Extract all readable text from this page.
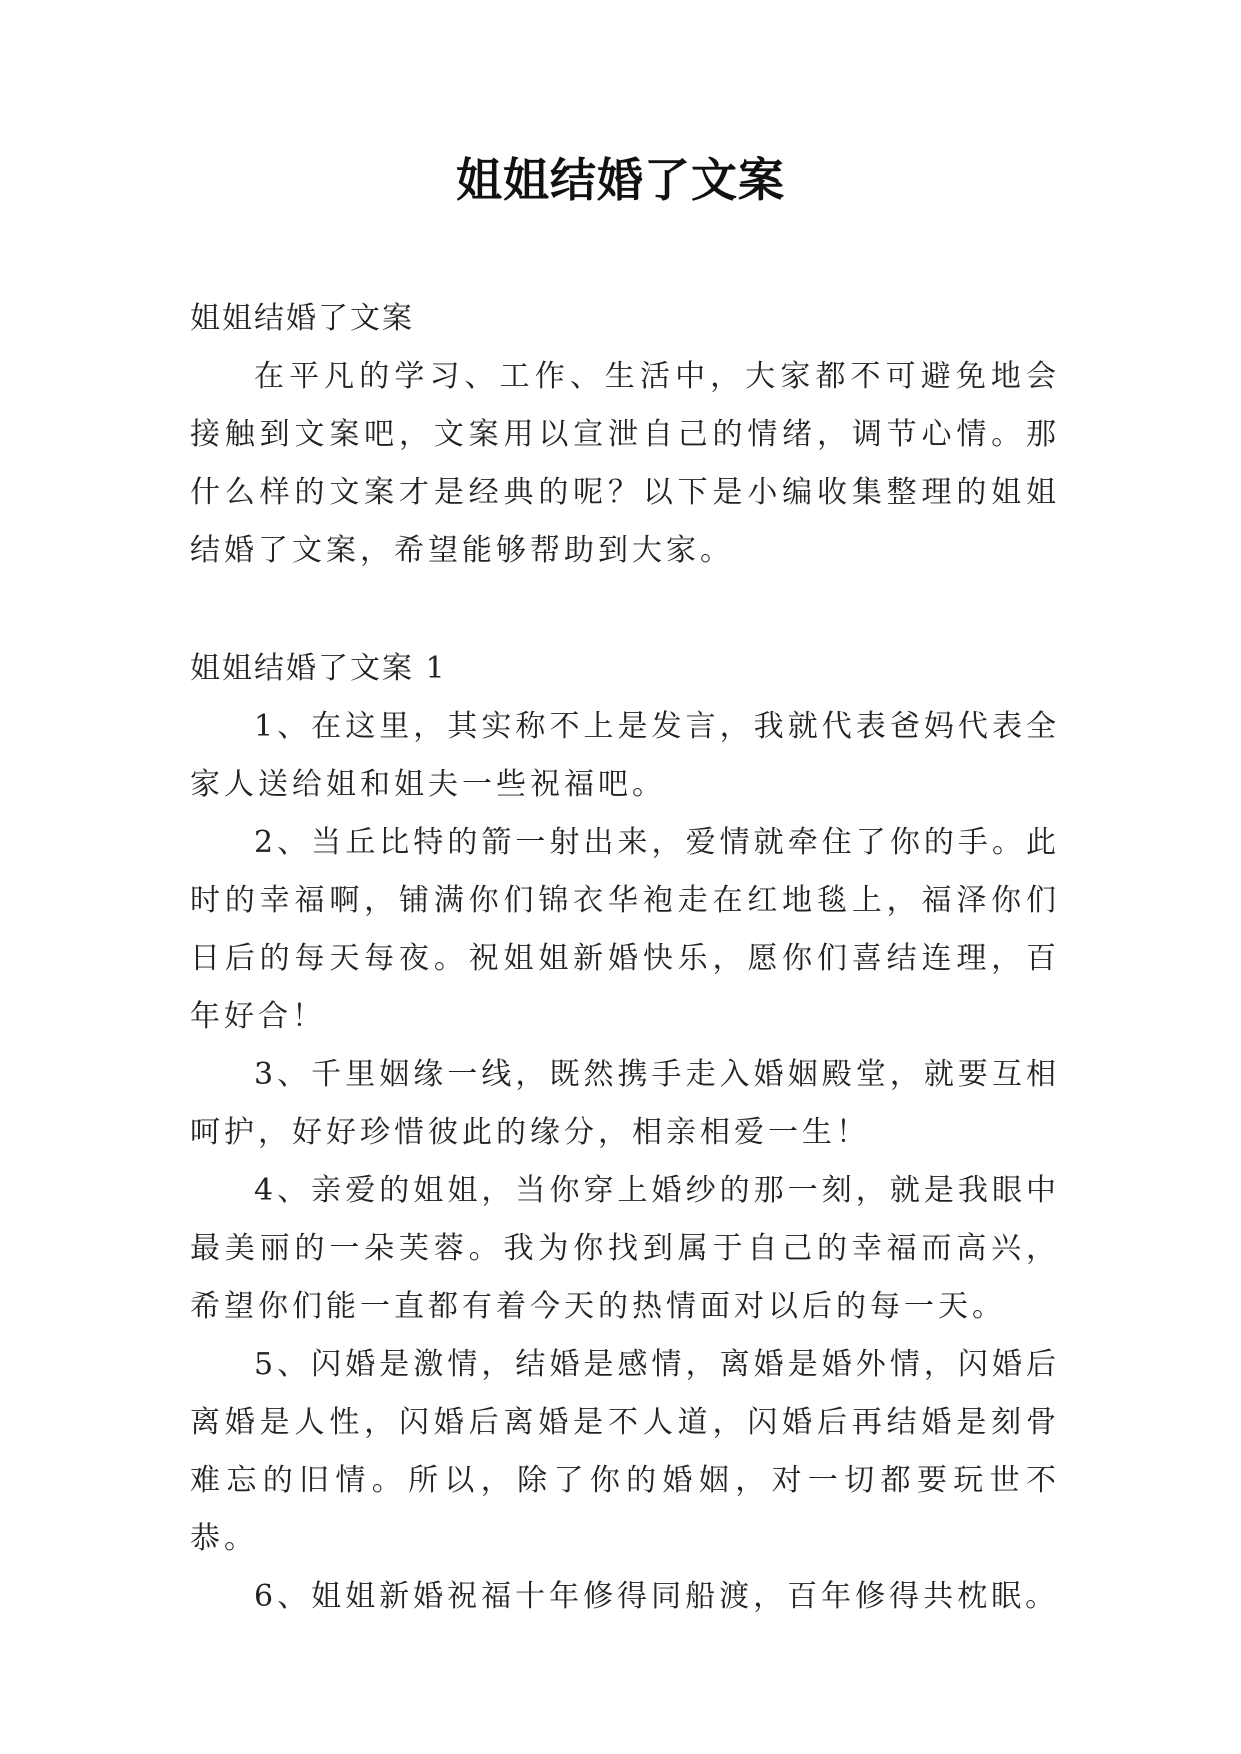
姐姐结婚了文案

姐姐结婚了文案

在平凡的学习、工作、生活中，大家都不可避免地会接触到文案吧，文案用以宣泄自己的情绪，调节心情。那什么样的文案才是经典的呢？以下是小编收集整理的姐姐结婚了文案，希望能够帮助到大家。

姐姐结婚了文案 1

1、在这里，其实称不上是发言，我就代表爸妈代表全家人送给姐和姐夫一些祝福吧。

2、当丘比特的箭一射出来，爱情就牵住了你的手。此时的幸福啊，铺满你们锦衣华袍走在红地毯上，福泽你们日后的每天每夜。祝姐姐新婚快乐，愿你们喜结连理，百年好合！

3、千里姻缘一线，既然携手走入婚姻殿堂，就要互相呵护，好好珍惜彼此的缘分，相亲相爱一生！

4、亲爱的姐姐，当你穿上婚纱的那一刻，就是我眼中最美丽的一朵芙蓉。我为你找到属于自己的幸福而高兴，希望你们能一直都有着今天的热情面对以后的每一天。

5、闪婚是激情，结婚是感情，离婚是婚外情，闪婚后离婚是人性，闪婚后离婚是不人道，闪婚后再结婚是刻骨难忘的旧情。所以，除了你的婚姻，对一切都要玩世不恭。

6、姐姐新婚祝福十年修得同船渡，百年修得共枕眠。
